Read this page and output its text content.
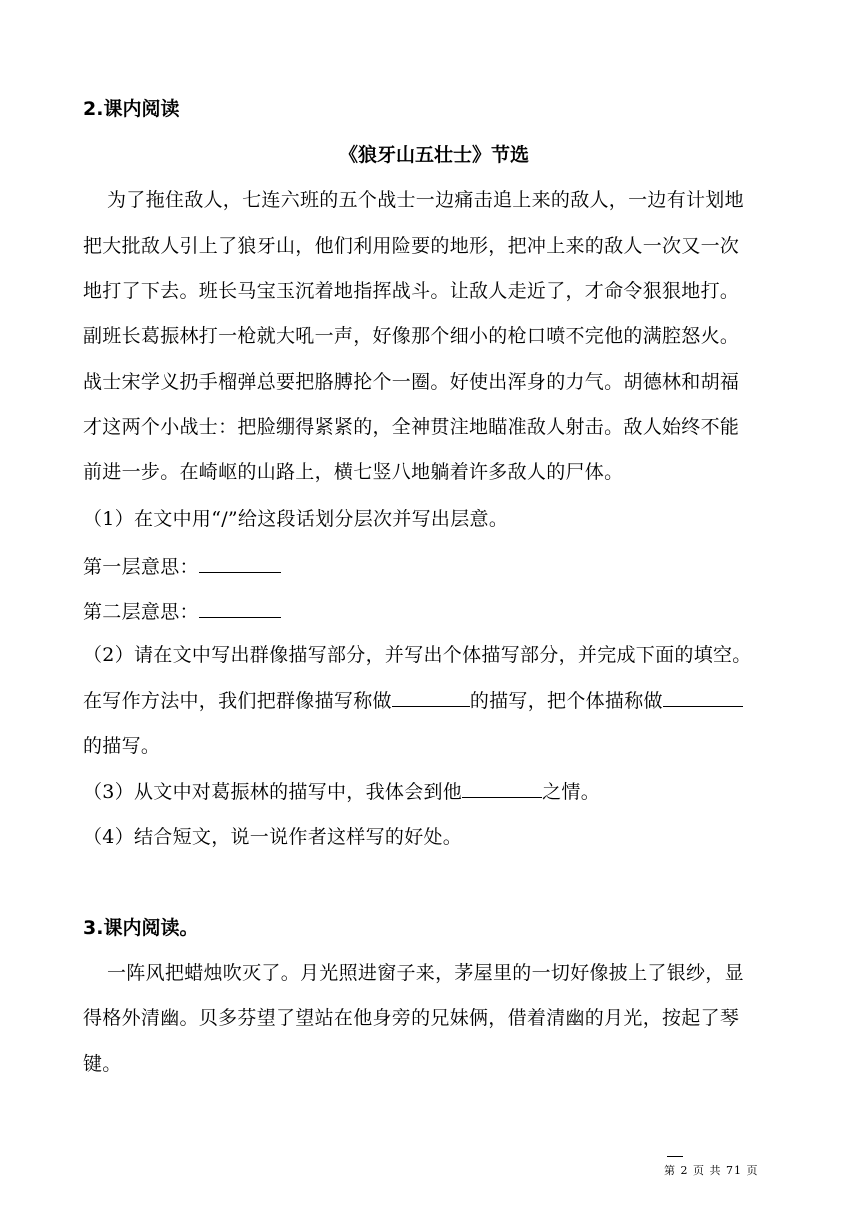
2.课内阅读
《狼牙山五壮士》节选
为了拖住敌人，七连六班的五个战士一边痛击追上来的敌人，一边有计划地
把大批敌人引上了狼牙山，他们利用险要的地形，把冲上来的敌人一次又一次
地打了下去。班长马宝玉沉着地指挥战斗。让敌人走近了，才命令狠狠地打。
副班长葛振林打一枪就大吼一声，好像那个细小的枪口喷不完他的满腔怒火。
战士宋学义扔手榴弹总要把胳膊抡个一圈。好使出浑身的力气。胡德林和胡福
才这两个小战士：把脸绷得紧紧的，全神贯注地瞄准敌人射击。敌人始终不能
前进一步。在崎岖的山路上，横七竖八地躺着许多敌人的尸体。
（1）在文中用“/”给这段话划分层次并写出层意。
第一层意思：
第二层意思：
（2）请在文中写出群像描写部分，并写出个体描写部分，并完成下面的填空。
在写作方法中，我们把群像描写称做	的描写，把个体描称做
的描写。
（3）从文中对葛振林的描写中，我体会到他	之情。
（4）结合短文，说一说作者这样写的好处。
3.课内阅读。
一阵风把蜡烛吹灭了。月光照进窗子来，茅屋里的一切好像披上了银纱，显
得格外清幽。贝多芬望了望站在他身旁的兄妹俩，借着清幽的月光，按起了琴
键。
第 2 页 共 71 页
